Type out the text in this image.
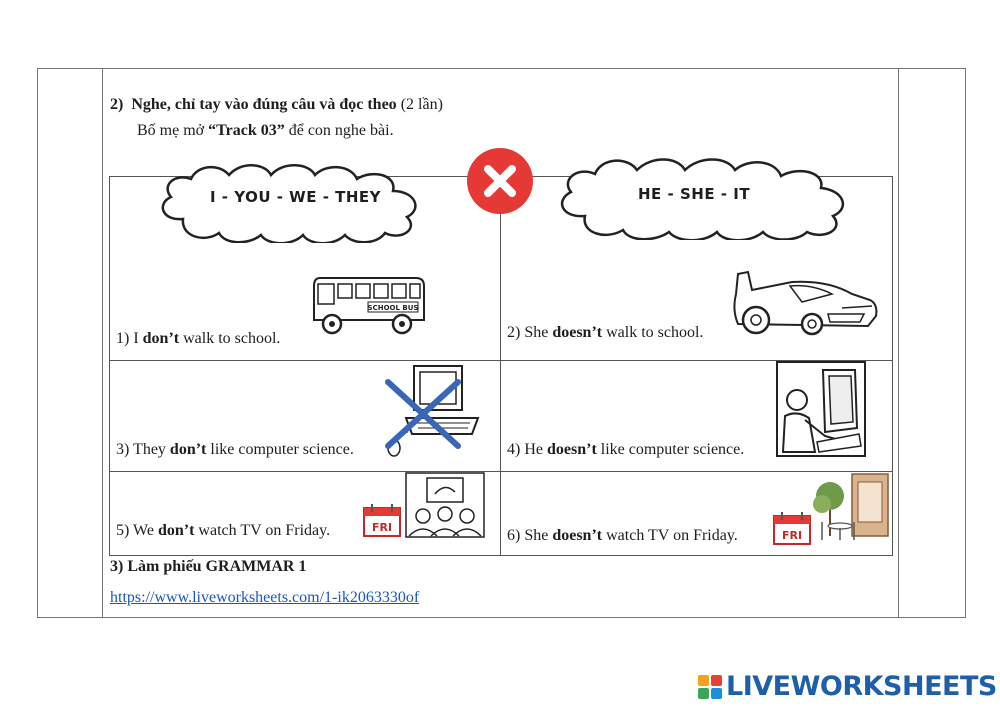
2) Nghe, chỉ tay vào đúng câu và đọc theo (2 lần)
Bố mẹ mở “Track 03” để con nghe bài.
I - YOU - WE - THEY	HE - SHE - IT
SCHOOL BUS
FRI
FRI
1) I don’t walk to school.	2) She doesn’t walk to school.
3) They don’t like computer science.	4) He doesn’t like computer science.
5) We don’t watch TV on Friday.	6) She doesn’t watch TV on Friday.
3) Làm phiếu GRAMMAR 1
https://www.liveworksheets.com/1-ik2063330of
LIVEWORKSHEETS
